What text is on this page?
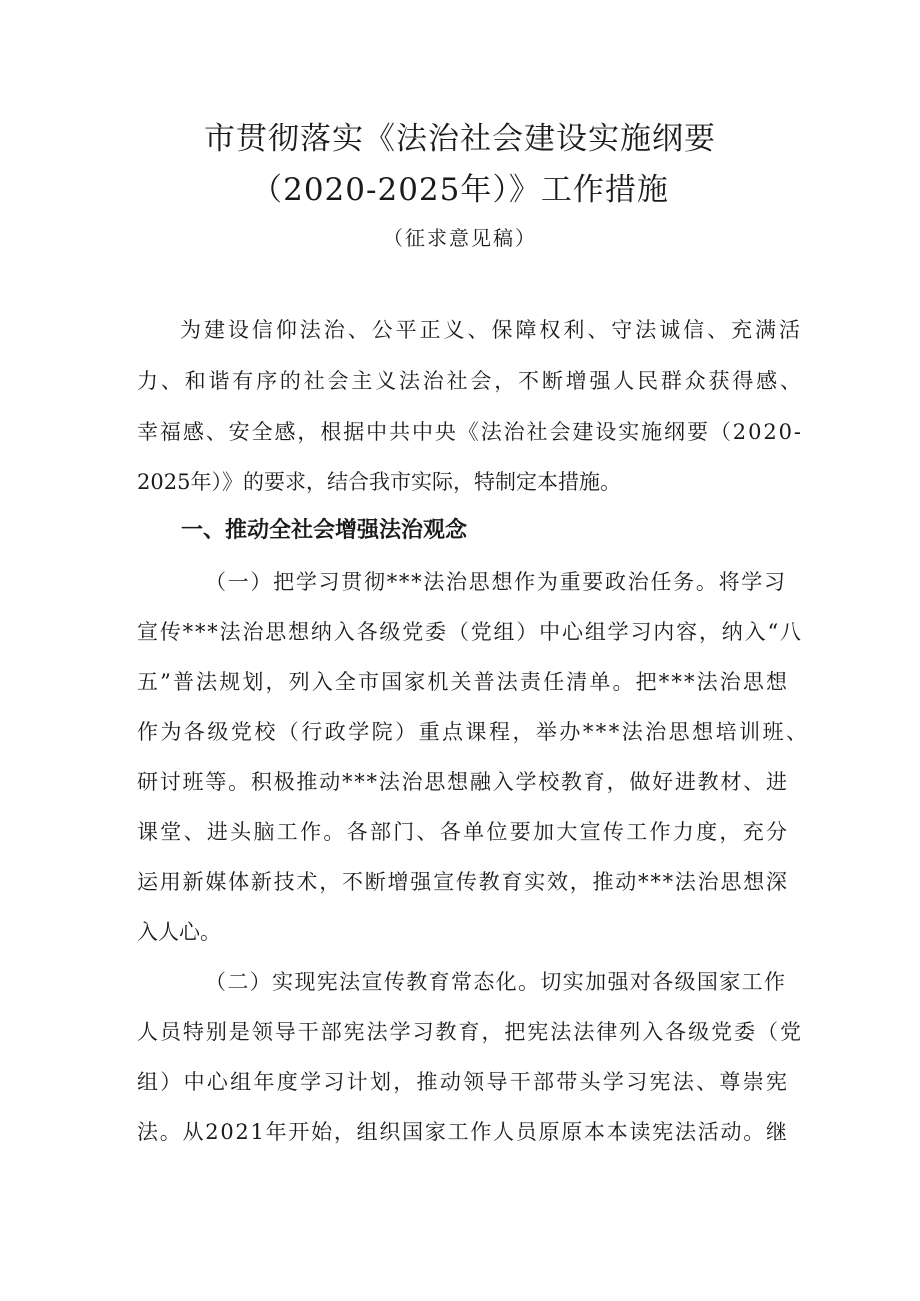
市贯彻落实《法治社会建设实施纲要
（2020-2025年）》工作措施
（征求意见稿）
为建设信仰法治、公平正义、保障权利、守法诚信、充满活
力、和谐有序的社会主义法治社会，不断增强人民群众获得感、
幸福感、安全感，根据中共中央《法治社会建设实施纲要（2020-
2025年）》的要求，结合我市实际，特制定本措施。
一、推动全社会增强法治观念
（一）把学习贯彻***法治思想作为重要政治任务。将学习
宣传***法治思想纳入各级党委（党组）中心组学习内容，纳入“八
五”普法规划，列入全市国家机关普法责任清单。把***法治思想
作为各级党校（行政学院）重点课程，举办***法治思想培训班、
研讨班等。积极推动***法治思想融入学校教育，做好进教材、进
课堂、进头脑工作。各部门、各单位要加大宣传工作力度，充分
运用新媒体新技术，不断增强宣传教育实效，推动***法治思想深
入人心。
（二）实现宪法宣传教育常态化。切实加强对各级国家工作
人员特别是领导干部宪法学习教育，把宪法法律列入各级党委（党
组）中心组年度学习计划，推动领导干部带头学习宪法、尊崇宪
法。从2021年开始，组织国家工作人员原原本本读宪法活动。继
